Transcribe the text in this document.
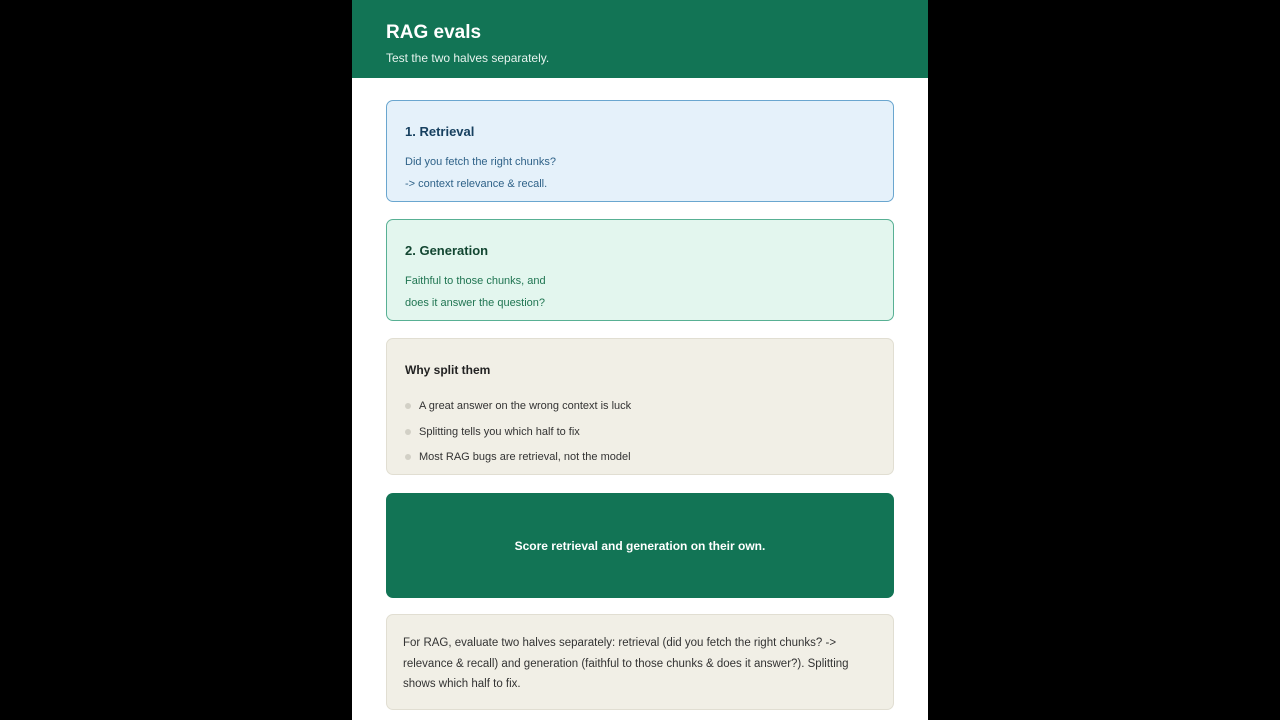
RAG evals
Test the two halves separately.
1. Retrieval
Did you fetch the right chunks?
-> context relevance & recall.
2. Generation
Faithful to those chunks, and
does it answer the question?
Why split them
A great answer on the wrong context is luck
Splitting tells you which half to fix
Most RAG bugs are retrieval, not the model
Score retrieval and generation on their own.
For RAG, evaluate two halves separately: retrieval (did you fetch the right chunks? -> relevance & recall) and generation (faithful to those chunks & does it answer?). Splitting shows which half to fix.
